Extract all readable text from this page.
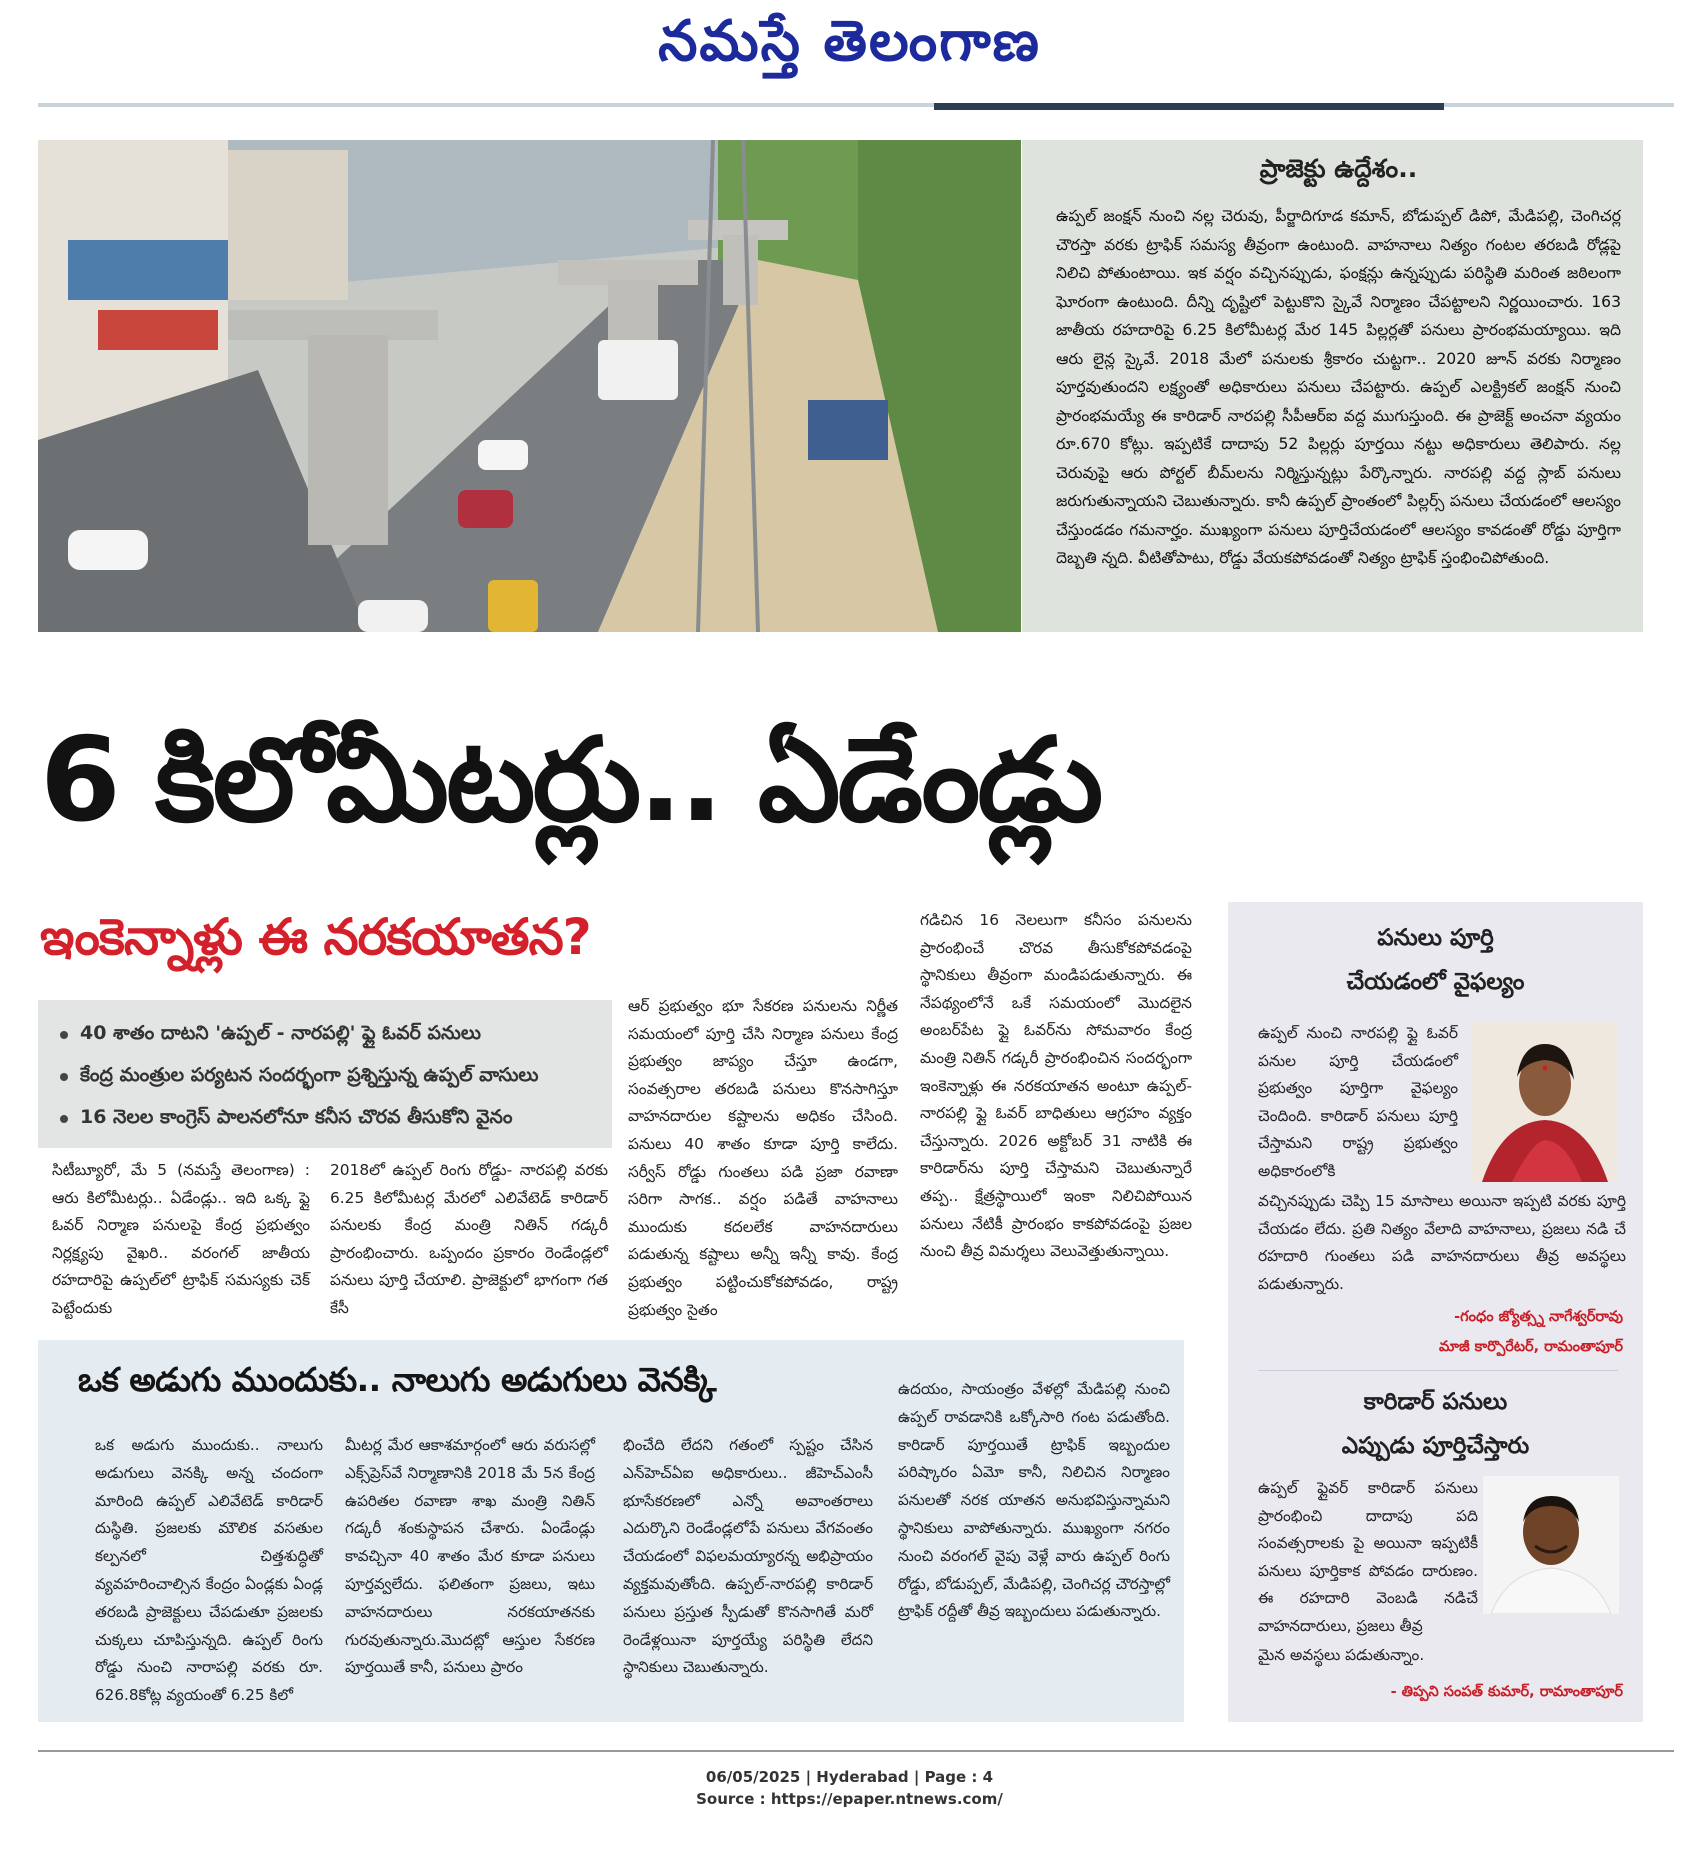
నమస్తే తెలంగాణ
ప్రాజెక్టు ఉద్దేశం..
ఉప్పల్ జంక్షన్ నుంచి నల్ల చెరువు, పీర్జాదిగూడ కమాన్, బోడుప్పల్ డిపో, మేడిపల్లి, చెంగిచర్ల చౌరస్తా వరకు ట్రాఫిక్ సమస్య తీవ్రంగా ఉంటుంది. వాహనాలు నిత్యం గంటల తరబడి రోడ్లపై నిలిచి పోతుంటాయి. ఇక వర్షం వచ్చినప్పుడు, ఫంక్షన్లు ఉన్నప్పుడు పరిస్థితి మరింత జఠిలంగా ఘోరంగా ఉంటుంది. దీన్ని దృష్టిలో పెట్టుకొని స్కైవే నిర్మాణం చేపట్టాలని నిర్ణయించారు. 163 జాతీయ రహదారిపై 6.25 కిలోమీటర్ల మేర 145 పిల్లర్లతో పనులు ప్రారంభమయ్యాయి. ఇది ఆరు లైన్ల స్కైవే. 2018 మేలో పనులకు శ్రీకారం చుట్టగా.. 2020 జూన్ వరకు నిర్మాణం పూర్తవుతుందని లక్ష్యంతో అధికారులు పనులు చేపట్టారు. ఉప్పల్ ఎలక్ట్రికల్ జంక్షన్ నుంచి ప్రారంభమయ్యే ఈ కారిడార్ నారపల్లి సీపీఆర్ఐ వద్ద ముగుస్తుంది. ఈ ప్రాజెక్ట్ అంచనా వ్యయం రూ.670 కోట్లు. ఇప్పటికే దాదాపు 52 పిల్లర్లు పూర్తయి నట్టు అధికారులు తెలిపారు. నల్ల చెరువుపై ఆరు పోర్టల్ బీమ్‌లను నిర్మిస్తున్నట్లు పేర్కొన్నారు. నారపల్లి వద్ద స్లాబ్ పనులు జరుగుతున్నాయని చెబుతున్నారు. కానీ ఉప్పల్ ప్రాంతంలో పిల్లర్స్ పనులు చేయడంలో ఆలస్యం చేస్తుండడం గమనార్హం. ముఖ్యంగా పనులు పూర్తిచేయడంలో ఆలస్యం కావడంతో రోడ్డు పూర్తిగా దెబ్బతి న్నది. వీటితోపాటు, రోడ్డు వేయకపోవడంతో నిత్యం ట్రాఫిక్ స్తంభించిపోతుంది.
6 కిలోమీటర్లు.. ఏడేండ్లు
ఇంకెన్నాళ్లు ఈ నరకయాతన?
40 శాతం దాటని 'ఉప్పల్ - నారపల్లి' ఫ్లై ఓవర్ పనులు
కేంద్ర మంత్రుల పర్యటన సందర్భంగా ప్రశ్నిస్తున్న ఉప్పల్ వాసులు
16 నెలల కాంగ్రెస్ పాలనలోనూ కనీస చొరవ తీసుకోని వైనం
సిటీబ్యూరో, మే 5 (నమస్తే తెలంగాణ) : ఆరు కిలోమీటర్లు.. ఏడేండ్లు.. ఇది ఒక్క ఫ్లై ఓవర్ నిర్మాణ పనులపై కేంద్ర ప్రభుత్వం నిర్లక్ష్యపు వైఖరి.. వరంగల్ జాతీయ రహదారిపై ఉప్పల్‌లో ట్రాఫిక్ సమస్యకు చెక్ పెట్టేందుకు
2018లో ఉప్పల్ రింగు రోడ్డు- నారపల్లి వరకు 6.25 కిలోమీటర్ల మేరలో ఎలివేటెడ్ కారిడార్ పనులకు కేంద్ర మంత్రి నితిన్ గడ్కరీ ప్రారంభించారు. ఒప్పందం ప్రకారం రెండేండ్లలో పనులు పూర్తి చేయాలి. ప్రాజెక్టులో భాగంగా గత కేసీ
ఆర్ ప్రభుత్వం భూ సేకరణ పనులను నిర్ణీత సమయంలో పూర్తి చేసి నిర్మాణ పనులు కేంద్ర ప్రభుత్వం జాప్యం చేస్తూ ఉండగా, సంవత్సరాల తరబడి పనులు కొనసాగిస్తూ వాహనదారుల కష్టాలను అధికం చేసింది. పనులు 40 శాతం కూడా పూర్తి కాలేదు. సర్వీస్ రోడ్డు గుంతలు పడి ప్రజా రవాణా సరిగా సాగక.. వర్షం పడితే వాహనాలు ముందుకు కదలలేక వాహనదారులు పడుతున్న కష్టాలు అన్నీ ఇన్నీ కావు. కేంద్ర ప్రభుత్వం పట్టించుకోకపోవడం, రాష్ట్ర ప్రభుత్వం సైతం
గడిచిన 16 నెలలుగా కనీసం పనులను ప్రారంభించే చొరవ తీసుకోకపోవడంపై స్థానికులు తీవ్రంగా మండిపడుతున్నారు. ఈ నేపథ్యంలోనే ఒకే సమయంలో మొదలైన అంబర్‌పేట ఫ్లై ఓవర్‌ను సోమవారం కేంద్ర మంత్రి నితిన్ గడ్కరీ ప్రారంభించిన సందర్భంగా ఇంకెన్నాళ్లు ఈ నరకయాతన అంటూ ఉప్పల్-నారపల్లి ఫ్లై ఓవర్ బాధితులు ఆగ్రహం వ్యక్తం చేస్తున్నారు. 2026 అక్టోబర్ 31 నాటికి ఈ కారిడార్‌ను పూర్తి చేస్తామని చెబుతున్నారే తప్ప.. క్షేత్రస్థాయిలో ఇంకా నిలిచిపోయిన పనులు నేటికీ ప్రారంభం కాకపోవడంపై ప్రజల నుంచి తీవ్ర విమర్శలు వెలువెత్తుతున్నాయి.
పనులు పూర్తి
చేయడంలో వైఫల్యం
ఉప్పల్ నుంచి నారపల్లి ఫ్లై ఓవర్ పనుల పూర్తి చేయడంలో ప్రభుత్వం పూర్తిగా వైఫల్యం చెందింది. కారిడార్ పనులు పూర్తి చేస్తామని రాష్ట్ర ప్రభుత్వం అధికారంలోకి
వచ్చినప్పుడు చెప్పి 15 మాసాలు అయినా ఇప్పటి వరకు పూర్తి చేయడం లేదు. ప్రతి నిత్యం వేలాది వాహనాలు, ప్రజలు నడి చే రహదారి గుంతలు పడి వాహనదారులు తీవ్ర అవస్థలు పడుతున్నారు.
-గంధం జ్యోత్స్న నాగేశ్వర్‌రావు
మాజీ కార్పొరేటర్, రామంతాపూర్
కారిడార్ పనులు
ఎప్పుడు పూర్తిచేస్తారు
ఉప్పల్ ఫ్లైవర్ కారిడార్ పనులు ప్రారంభించి దాదాపు పది సంవత్సరాలకు పై అయినా ఇప్పటికీ పనులు పూర్తికాక పోవడం దారుణం. ఈ రహదారి వెంబడి నడిచే వాహనదారులు, ప్రజలు తీవ్ర
మైన అవస్థలు పడుతున్నాం.
- తిప్పని సంపత్ కుమార్, రామాంతాపూర్
ఒక అడుగు ముందుకు.. నాలుగు అడుగులు వెనక్కి
ఒక అడుగు ముందుకు.. నాలుగు అడుగులు వెనక్కి అన్న చందంగా మారింది ఉప్పల్ ఎలివేటెడ్ కారిడార్ దుస్థితి. ప్రజలకు మౌలిక వసతుల కల్పనలో చిత్తశుద్ధితో వ్యవహరించాల్సిన కేంద్రం ఏండ్లకు ఏండ్ల తరబడి ప్రాజెక్టులు చేపడుతూ ప్రజలకు చుక్కలు చూపిస్తున్నది. ఉప్పల్ రింగు రోడ్డు నుంచి నారాపల్లి వరకు రూ. 626.8కోట్ల వ్యయంతో 6.25 కిలో
మీటర్ల మేర ఆకాశమార్గంలో ఆరు వరుసల్లో ఎక్స్‌ప్రెస్‌వే నిర్మాణానికి 2018 మే 5న కేంద్ర ఉపరితల రవాణా శాఖ మంత్రి నితిన్ గడ్కరీ శంకుస్థాపన చేశారు. ఏండేండ్లు కావచ్చినా 40 శాతం మేర కూడా పనులు పూర్తవ్వలేదు. ఫలితంగా ప్రజలు, ఇటు వాహనదారులు నరకయాతనకు గురవుతున్నారు.మొదట్లో ఆస్తుల సేకరణ పూర్తయితే కానీ, పనులు ప్రారం
భించేది లేదని గతంలో స్పష్టం చేసిన ఎన్‌హెచ్ఏఐ అధికారులు.. జీహెచ్ఎంసీ భూసేకరణలో ఎన్నో అవాంతరాలు ఎదుర్కొని రెండేండ్లలోపే పనులు వేగవంతం చేయడంలో విఫలమయ్యారన్న అభిప్రాయం వ్యక్తమవుతోంది. ఉప్పల్-నారపల్లి కారిడార్ పనులు ప్రస్తుత స్పీడుతో కొనసాగితే మరో రెండేళ్లయినా పూర్తయ్యే పరిస్థితి లేదని స్థానికులు చెబుతున్నారు.
ఉదయం, సాయంత్రం వేళల్లో మేడిపల్లి నుంచి ఉప్పల్ రావడానికి ఒక్కోసారి గంట పడుతోంది. కారిడార్ పూర్తయితే ట్రాఫిక్ ఇబ్బందుల పరిష్కారం ఏమో కానీ, నిలిచిన నిర్మాణం పనులతో నరక యాతన అనుభవిస్తున్నామని స్థానికులు వాపోతున్నారు. ముఖ్యంగా నగరం నుంచి వరంగల్ వైపు వెళ్లే వారు ఉప్పల్ రింగు రోడ్డు, బోడుప్పల్, మేడిపల్లి, చెంగిచర్ల చౌరస్తాల్లో ట్రాఫిక్ రద్దీతో తీవ్ర ఇబ్బందులు పడుతున్నారు.
06/05/2025 | Hyderabad | Page : 4
Source : https://epaper.ntnews.com/
